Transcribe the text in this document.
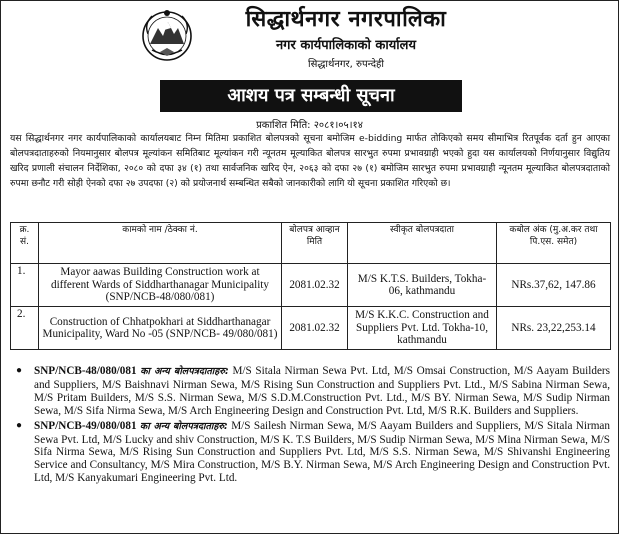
सिद्धार्थनगर नगरपालिका
नगर कार्यपालिकाको कार्यालय
सिद्धार्थनगर, रुपन्देही
आशय पत्र सम्बन्धी सूचना
प्रकाशित मिति: २०८१।०५।१४

यस सिद्धार्थनगर नगर कार्यपालिकाको कार्यालयबाट निम्न मितिमा प्रकाशित बोलपत्रको सूचना बमोजिम e-bidding मार्फत तोकिएको समय सीमाभित्र रितपूर्वक दर्ता हुन आएका बोलपत्रदाताहरुको नियमानुसार बोलपत्र मूल्यांकन समितिबाट मूल्यांकन गरी न्यूनतम मूल्याकित बोलपत्र सारभुत रुपमा प्रभावग्राही भएको हुदा यस कार्यालयको निर्णयानुसार विद्युतिय खरिद प्रणाली संचालन निर्देशिका, २०८० को दफा ३४ (१) तथा सार्वजनिक खरिद ऐन, २०६३ को दफा २७ (१) बमोजिम सारभुत रुपमा प्रभावग्राही न्यूनतम मूल्याकित बोलपत्रदाताको रुपमा छनौट गरी सोही ऐनको दफा २७ उपदफा (२) को प्रयोजनार्थ सम्बन्धित सबैको जानकारीको लागि यो सूचना प्रकाशित गरिएको छ।

क्र. सं.	कामको नाम /ठेक्का नं.	बोलपत्र आव्हान मिति	स्वीकृत बोलपत्रदाता	कबोल अंक (मु.अ.कर तथा पि.एस. समेत)
1.	Mayor aawas Building Construction work at different Wards of Siddharthanagar Municipality (SNP/NCB-48/080/081)	2081.02.32	M/S K.T.S. Builders, Tokha-06, kathmandu	NRs.37,62, 147.86
2.	Construction of Chhatpokhari at Siddharthanagar Municipality, Ward No -05 (SNP/NCB- 49/080/081)	2081.02.32	M/S K.K.C. Construction and Suppliers Pvt. Ltd. Tokha-10, kathmandu	NRs. 23,22,253.14
● SNP/NCB-48/080/081 का अन्य बोलपत्रदाताहरु: M/S Sitala Nirman Sewa Pvt. Ltd, M/S Omsai Construction, M/S Aayam Builders and Suppliers, M/S Baishnavi Nirman Sewa, M/S Rising Sun Construction and Suppliers Pvt. Ltd., M/S Sabina Nirman Sewa, M/S Pritam Builders, M/S S.S. Nirman Sewa, M/S S.D.M.Construction Pvt. Ltd., M/S BY. Nirman Sewa, M/S Sudip Nirman Sewa, M/S Sifa Nirma Sewa, M/S Arch Engineering Design and Construction Pvt. Ltd, M/S R.K. Builders and Suppliers.
● SNP/NCB-49/080/081 का अन्य बोलपत्रदाताहरु: M/S Sailesh Nirman Sewa, M/S Aayam Builders and Suppliers, M/S Sitala Nirman Sewa Pvt. Ltd, M/S Lucky and shiv Construction, M/S K. T.S Builders, M/S Sudip Nirman Sewa, M/S Mina Nirman Sewa, M/S Sifa Nirma Sewa, M/S Rising Sun Construction and Suppliers Pvt. Ltd, M/S S.S. Nirman Sewa, M/S Shivanshi Engineering Service and Consultancy, M/S Mira Construction, M/S B.Y. Nirman Sewa, M/S Arch Engineering Design and Construction Pvt. Ltd, M/S Kanyakumari Engineering Pvt. Ltd.
